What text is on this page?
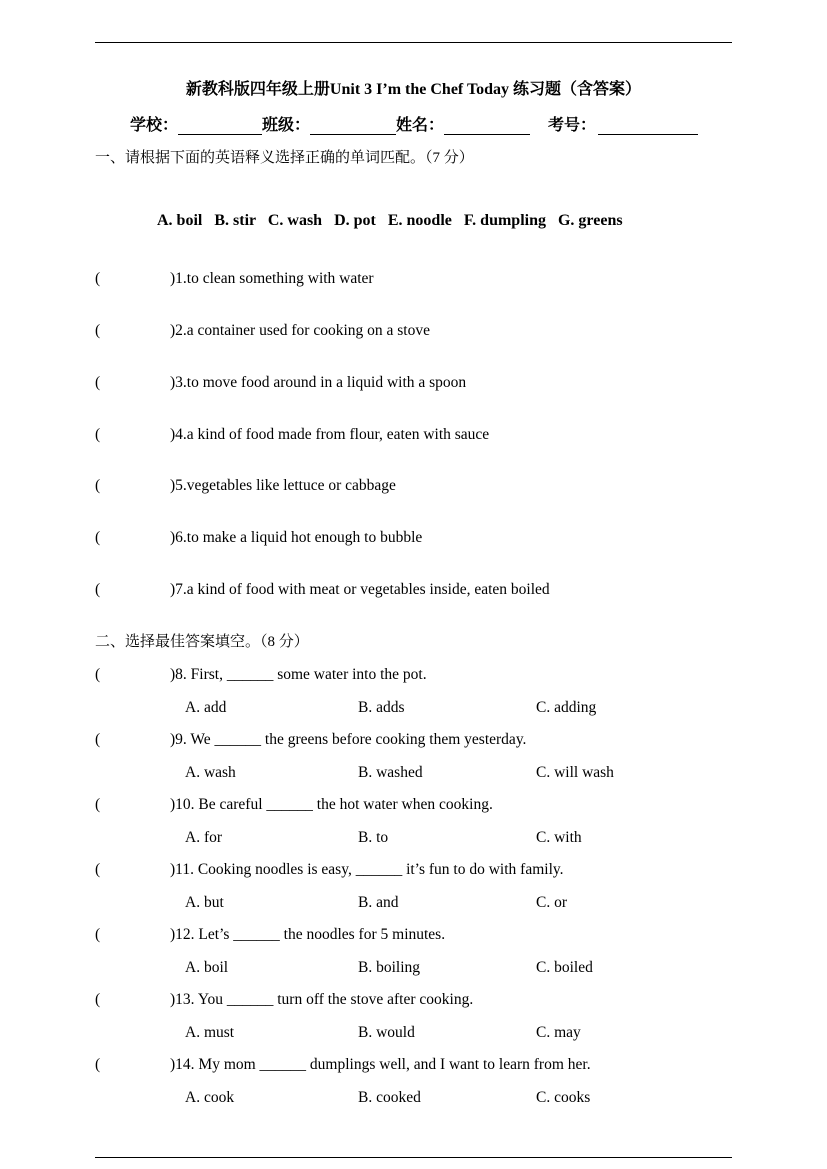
新教科版四年级上册Unit 3 I’m the Chef Today 练习题（含答案）
学校：	班级：	姓名：	考号：
一、请根据下面的英语释义选择正确的单词匹配。（7 分）
A. boil   B. stir   C. wash   D. pot   E. noodle   F. dumpling   G. greens
(	)1.to clean something with water
(	)2.a container used for cooking on a stove
(	)3.to move food around in a liquid with a spoon
(	)4.a kind of food made from flour, eaten with sauce
(	)5.vegetables like lettuce or cabbage
(	)6.to make a liquid hot enough to bubble
(	)7.a kind of food with meat or vegetables inside, eaten boiled
二、选择最佳答案填空。（8 分）
(	)8. First, ______ some water into the pot.
A. add	B. adds	C. adding
(	)9. We ______ the greens before cooking them yesterday.
A. wash	B. washed	C. will wash
(	)10. Be careful ______ the hot water when cooking.
A. for	B. to	C. with
(	)11. Cooking noodles is easy, ______ it’s fun to do with family.
A. but	B. and	C. or
(	)12. Let’s ______ the noodles for 5 minutes.
A. boil	B. boiling	C. boiled
(	)13. You ______ turn off the stove after cooking.
A. must	B. would	C. may
(	)14. My mom ______ dumplings well, and I want to learn from her.
A. cook	B. cooked	C. cooks
